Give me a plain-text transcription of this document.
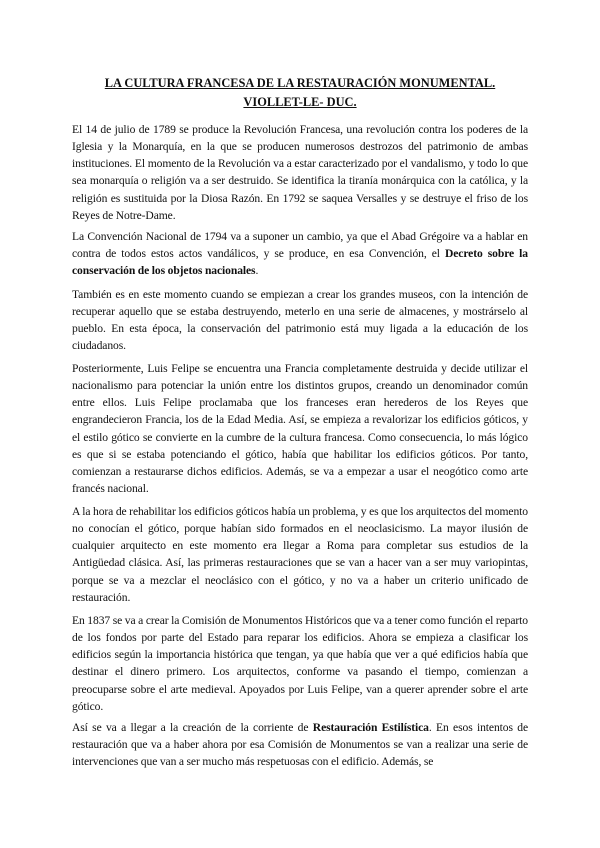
LA CULTURA FRANCESA DE LA RESTAURACIÓN MONUMENTAL.
VIOLLET-LE- DUC.

El 14 de julio de 1789 se produce la Revolución Francesa, una revolución contra los poderes de la Iglesia y la Monarquía, en la que se producen numerosos destrozos del patrimonio de ambas instituciones. El momento de la Revolución va a estar caracterizado por el vandalismo, y todo lo que sea monarquía o religión va a ser destruido. Se identifica la tiranía monárquica con la católica, y la religión es sustituida por la Diosa Razón. En 1792 se saquea Versalles y se destruye el friso de los Reyes de Notre-Dame.

La Convención Nacional de 1794 va a suponer un cambio, ya que el Abad Grégoire va a hablar en contra de todos estos actos vandálicos, y se produce, en esa Convención, el Decreto sobre la conservación de los objetos nacionales.

También es en este momento cuando se empiezan a crear los grandes museos, con la intención de recuperar aquello que se estaba destruyendo, meterlo en una serie de almacenes, y mostrárselo al pueblo. En esta época, la conservación del patrimonio está muy ligada a la educación de los ciudadanos.

Posteriormente, Luis Felipe se encuentra una Francia completamente destruida y decide utilizar el nacionalismo para potenciar la unión entre los distintos grupos, creando un denominador común entre ellos. Luis Felipe proclamaba que los franceses eran herederos de los Reyes que engrandecieron Francia, los de la Edad Media. Así, se empieza a revalorizar los edificios góticos, y el estilo gótico se convierte en la cumbre de la cultura francesa. Como consecuencia, lo más lógico es que si se estaba potenciando el gótico, había que habilitar los edificios góticos. Por tanto, comienzan a restaurarse dichos edificios. Además, se va a empezar a usar el neogótico como arte francés nacional.

A la hora de rehabilitar los edificios góticos había un problema, y es que los arquitectos del momento no conocían el gótico, porque habían sido formados en el neoclasicismo. La mayor ilusión de cualquier arquitecto en este momento era llegar a Roma para completar sus estudios de la Antigüedad clásica. Así, las primeras restauraciones que se van a hacer van a ser muy variopintas, porque se va a mezclar el neoclásico con el gótico, y no va a haber un criterio unificado de restauración.

En 1837 se va a crear la Comisión de Monumentos Históricos que va a tener como función el reparto de los fondos por parte del Estado para reparar los edificios. Ahora se empieza a clasificar los edificios según la importancia histórica que tengan, ya que había que ver a qué edificios había que destinar el dinero primero. Los arquitectos, conforme va pasando el tiempo, comienzan a preocuparse sobre el arte medieval. Apoyados por Luis Felipe, van a querer aprender sobre el arte gótico.

Así se va a llegar a la creación de la corriente de Restauración Estilística. En esos intentos de restauración que va a haber ahora por esa Comisión de Monumentos se van a realizar una serie de intervenciones que van a ser mucho más respetuosas con el edificio. Además, se
